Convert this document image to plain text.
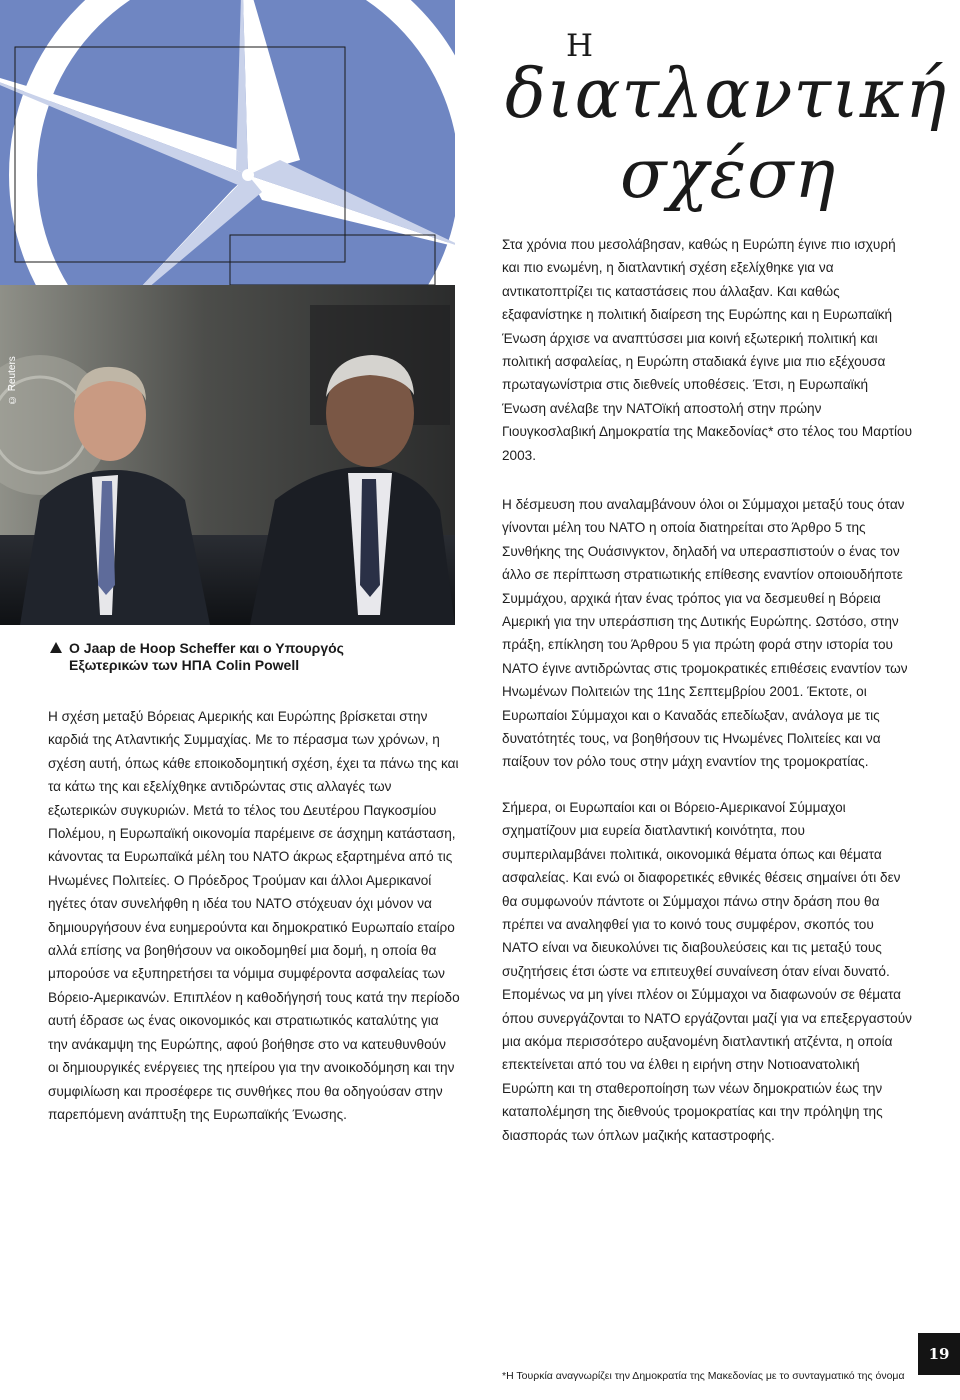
© Reuters
Η
διατλαντική
σχέση

Στα χρόνια που μεσολάβησαν, καθώς η Ευρώπη έγινε πιο ισχυρή και πιο ενωμένη, η διατλαντική σχέση εξελίχθηκε για να αντικατοπτρίζει τις καταστάσεις που άλλαξαν. Και καθώς εξαφανίστηκε η πολιτική διαίρεση της Ευρώπης και η Ευρωπαϊκή Ένωση άρχισε να αναπτύσσει μια κοινή εξωτερική πολιτική και πολιτική ασφαλείας, η Ευρώπη σταδιακά έγινε μια πιο εξέχουσα πρωταγωνίστρια στις διεθνείς υποθέσεις. Έτσι, η Ευρωπαϊκή Ένωση ανέλαβε την ΝΑΤΟϊκή αποστολή στην πρώην Γιουγκοσλαβική Δημοκρατία της Μακεδονίας* στο τέλος του Μαρτίου 2003.

Ο Jaap de Hoop Scheffer και ο Υπουργός Εξωτερικών των ΗΠΑ Colin Powell

Η σχέση μεταξύ Βόρειας Αμερικής και Ευρώπης βρίσκεται στην καρδιά της Ατλαντικής Συμμαχίας. Με το πέρασμα των χρόνων, η σχέση αυτή, όπως κάθε εποικοδομητική σχέση, έχει τα πάνω της και τα κάτω της και εξελίχθηκε αντιδρώντας στις αλλαγές των εξωτερικών συγκυριών. Μετά το τέλος του Δευτέρου Παγκοσμίου Πολέμου, η Ευρωπαϊκή οικονομία παρέμεινε σε άσχημη κατάσταση, κάνοντας τα Ευρωπαϊκά μέλη του ΝΑΤΟ άκρως εξαρτημένα από τις Ηνωμένες Πολιτείες. Ο Πρόεδρος Τρούμαν και άλλοι Αμερικανοί ηγέτες όταν συνελήφθη η ιδέα του ΝΑΤΟ στόχευαν όχι μόνον να δημιουργήσουν ένα ευημερούντα και δημοκρατικό Ευρωπαίο εταίρο αλλά επίσης να βοηθήσουν να οικοδομηθεί μια δομή, η οποία θα μπορούσε να εξυπηρετήσει τα νόμιμα συμφέροντα ασφαλείας των Βόρειο-Αμερικανών. Επιπλέον η καθοδήγησή τους κατά την περίοδο αυτή έδρασε ως ένας οικονομικός και στρατιωτικός καταλύτης για την ανάκαμψη της Ευρώπης, αφού βοήθησε στο να κατευθυνθούν οι δημιουργικές ενέργειες της ηπείρου για την ανοικοδόμηση και την συμφιλίωση και προσέφερε τις συνθήκες που θα οδηγούσαν στην παρεπόμενη ανάπτυξη της Ευρωπαϊκής Ένωσης.

Η δέσμευση που αναλαμβάνουν όλοι οι Σύμμαχοι μεταξύ τους όταν γίνονται μέλη του ΝΑΤΟ η οποία διατηρείται στο Άρθρο 5 της Συνθήκης της Ουάσινγκτον, δηλαδή να υπερασπιστούν ο ένας τον άλλο σε περίπτωση στρατιωτικής επίθεσης εναντίον οποιουδήποτε Συμμάχου, αρχικά ήταν ένας τρόπος για να δεσμευθεί η Βόρεια Αμερική για την υπεράσπιση της Δυτικής Ευρώπης. Ωστόσο, στην πράξη, επίκληση του Άρθρου 5 για πρώτη φορά στην ιστορία του ΝΑΤΟ έγινε αντιδρώντας στις τρομοκρατικές επιθέσεις εναντίον των Ηνωμένων Πολιτειών της 11ης Σεπτεμβρίου 2001. Έκτοτε, οι Ευρωπαίοι Σύμμαχοι και ο Καναδάς επεδίωξαν, ανάλογα με τις δυνατότητές τους, να βοηθήσουν τις Ηνωμένες Πολιτείες και να παίξουν τον ρόλο τους στην μάχη εναντίον της τρομοκρατίας.

Σήμερα, οι Ευρωπαίοι και οι Βόρειο-Αμερικανοί Σύμμαχοι σχηματίζουν μια ευρεία διατλαντική κοινότητα, που συμπεριλαμβάνει πολιτικά, οικονομικά θέματα όπως και θέματα ασφαλείας. Και ενώ οι διαφορετικές εθνικές θέσεις σημαίνει ότι δεν θα συμφωνούν πάντοτε οι Σύμμαχοι πάνω στην δράση που θα πρέπει να αναληφθεί για το κοινό τους συμφέρον, σκοπός του ΝΑΤΟ είναι να διευκολύνει τις διαβουλεύσεις και τις μεταξύ τους συζητήσεις έτσι ώστε να επιτευχθεί συναίνεση όταν είναι δυνατό. Επομένως να μη γίνει πλέον οι Σύμμαχοι να διαφωνούν σε θέματα όπου συνεργάζονται το ΝΑΤΟ εργάζονται μαζί για να επεξεργαστούν μια ακόμα περισσότερο αυξανομένη διατλαντική ατζέντα, η οποία επεκτείνεται από του να έλθει η ειρήνη στην Νοτιοανατολική Ευρώπη και τη σταθεροποίηση των νέων δημοκρατιών έως την καταπολέμηση της διεθνούς τρομοκρατίας και την πρόληψη της διασποράς των όπλων μαζικής καταστροφής.

19
*Η Τουρκία αναγνωρίζει την Δημοκρατία της Μακεδονίας με το συνταγματικό της όνομα
